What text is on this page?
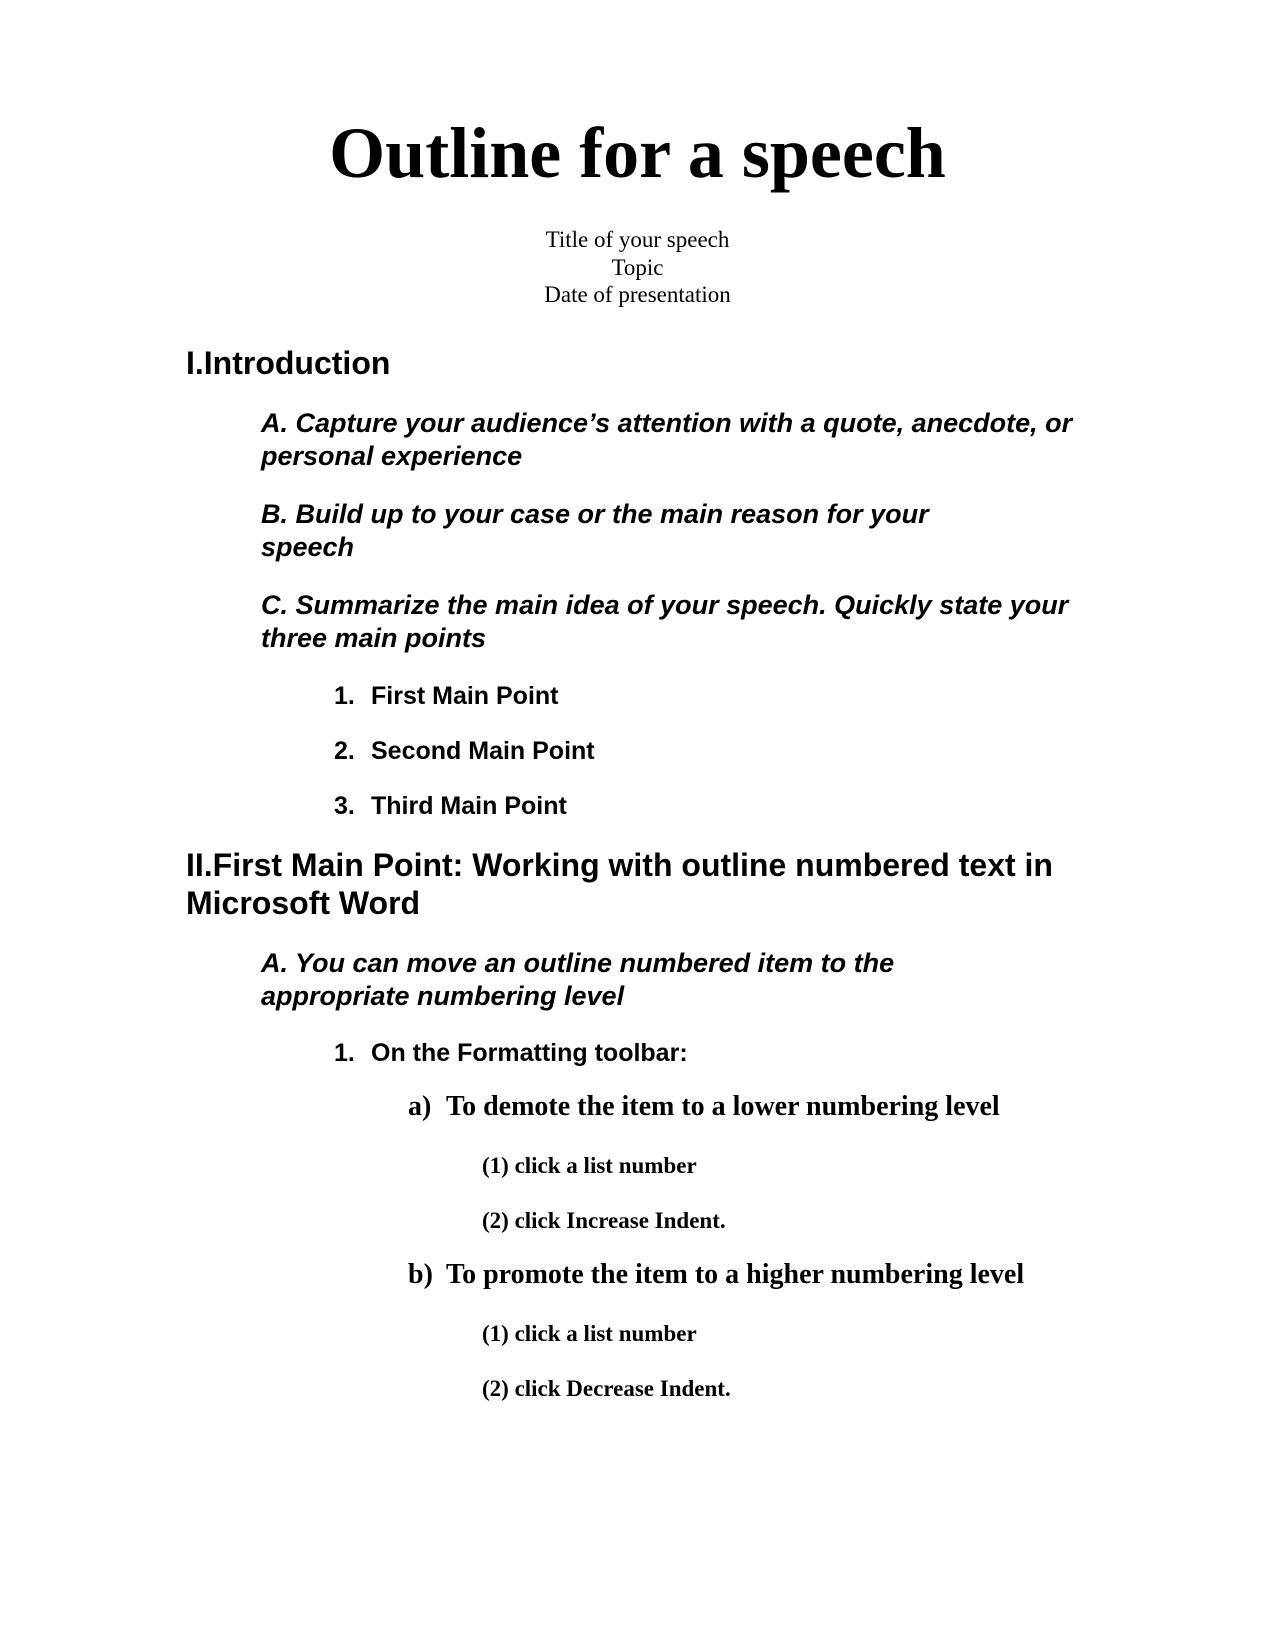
Outline for a speech
Title of your speech
Topic
Date of presentation
I.Introduction
A. Capture your audience’s attention with a quote, anecdote, or personal experience
B. Build up to your case or the main reason for your speech
C. Summarize the main idea of your speech. Quickly state your three main points
1. First Main Point
2. Second Main Point
3. Third Main Point
II.First Main Point: Working with outline numbered text in Microsoft Word
A. You can move an outline numbered item to the appropriate numbering level
1. On the Formatting toolbar:
a) To demote the item to a lower numbering level
(1) click a list number
(2) click Increase Indent.
b) To promote the item to a higher numbering level
(1) click a list number
(2) click Decrease Indent.
